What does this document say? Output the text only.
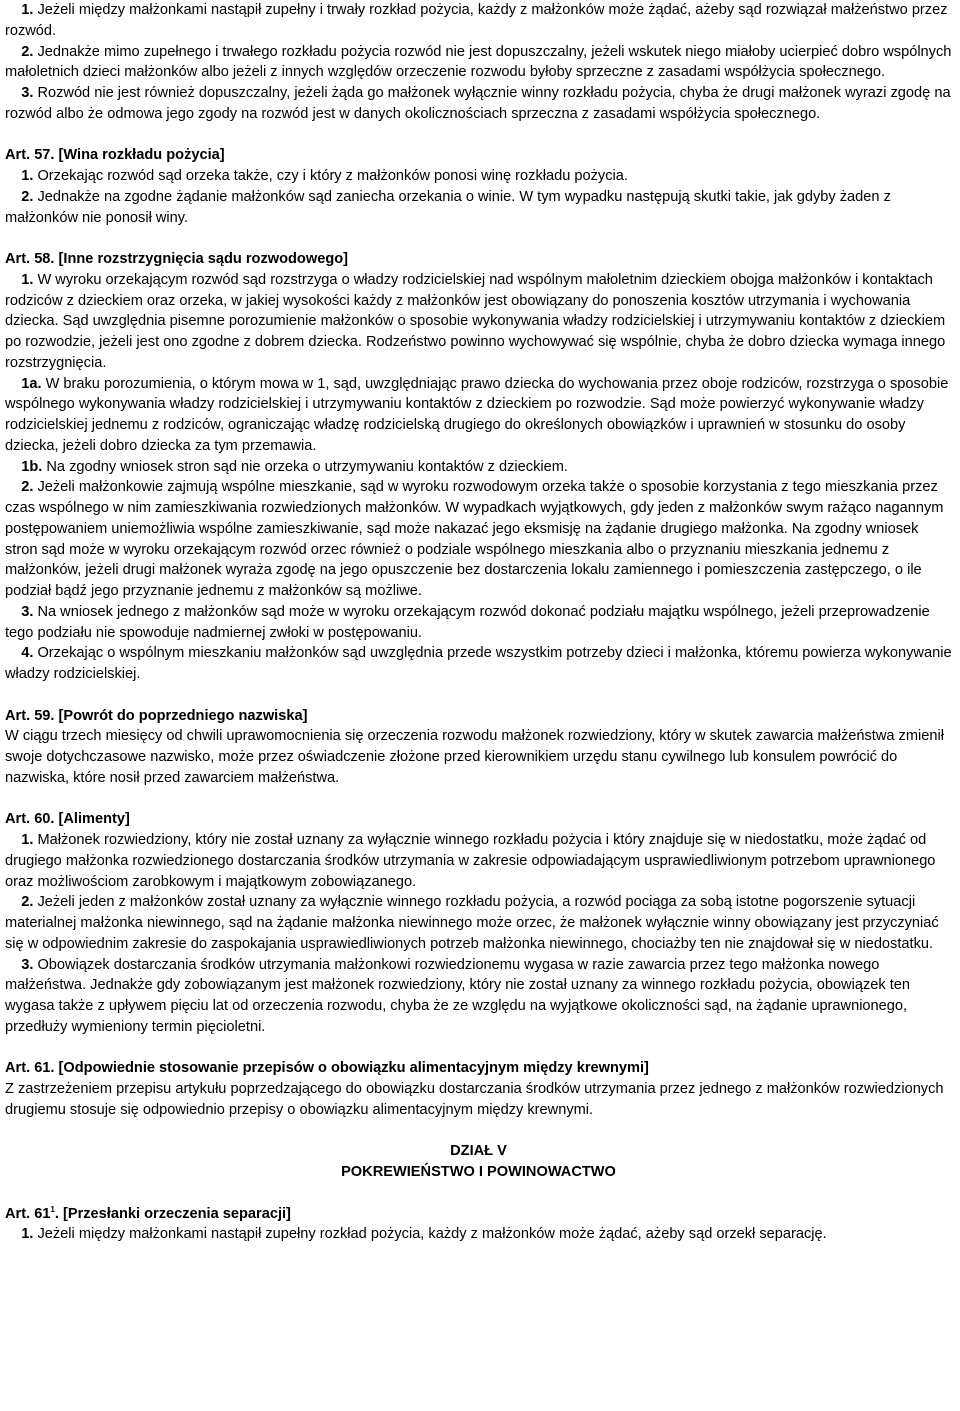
1. Jeżeli między małżonkami nastąpił zupełny i trwały rozkład pożycia, każdy z małżonków może żądać, ażeby sąd rozwiązał małżeństwo przez rozwód.

2. Jednakże mimo zupełnego i trwałego rozkładu pożycia rozwód nie jest dopuszczalny, jeżeli wskutek niego miałoby ucierpieć dobro wspólnych małoletnich dzieci małżonków albo jeżeli z innych względów orzeczenie rozwodu byłoby sprzeczne z zasadami współżycia społecznego.

3. Rozwód nie jest również dopuszczalny, jeżeli żąda go małżonek wyłącznie winny rozkładu pożycia, chyba że drugi małżonek wyrazi zgodę na rozwód albo że odmowa jego zgody na rozwód jest w danych okolicznościach sprzeczna z zasadami współżycia społecznego.

Art. 57. [Wina rozkładu pożycia]

1. Orzekając rozwód sąd orzeka także, czy i który z małżonków ponosi winę rozkładu pożycia.

2. Jednakże na zgodne żądanie małżonków sąd zaniecha orzekania o winie. W tym wypadku następują skutki takie, jak gdyby żaden z małżonków nie ponosił winy.

Art. 58. [Inne rozstrzygnięcia sądu rozwodowego]

1. W wyroku orzekającym rozwód sąd rozstrzyga o władzy rodzicielskiej nad wspólnym małoletnim dzieckiem obojga małżonków i kontaktach rodziców z dzieckiem oraz orzeka, w jakiej wysokości każdy z małżonków jest obowiązany do ponoszenia kosztów utrzymania i wychowania dziecka. Sąd uwzględnia pisemne porozumienie małżonków o sposobie wykonywania władzy rodzicielskiej i utrzymywaniu kontaktów z dzieckiem po rozwodzie, jeżeli jest ono zgodne z dobrem dziecka. Rodzeństwo powinno wychowywać się wspólnie, chyba że dobro dziecka wymaga innego rozstrzygnięcia.

1a. W braku porozumienia, o którym mowa w 1, sąd, uwzględniając prawo dziecka do wychowania przez oboje rodziców, rozstrzyga o sposobie wspólnego wykonywania władzy rodzicielskiej i utrzymywaniu kontaktów z dzieckiem po rozwodzie. Sąd może powierzyć wykonywanie władzy rodzicielskiej jednemu z rodziców, ograniczając władzę rodzicielską drugiego do określonych obowiązków i uprawnień w stosunku do osoby dziecka, jeżeli dobro dziecka za tym przemawia.

1b. Na zgodny wniosek stron sąd nie orzeka o utrzymywaniu kontaktów z dzieckiem.

2. Jeżeli małżonkowie zajmują wspólne mieszkanie, sąd w wyroku rozwodowym orzeka także o sposobie korzystania z tego mieszkania przez czas wspólnego w nim zamieszkiwania rozwiedzionych małżonków. W wypadkach wyjątkowych, gdy jeden z małżonków swym rażąco nagannym postępowaniem uniemożliwia wspólne zamieszkiwanie, sąd może nakazać jego eksmisję na żądanie drugiego małżonka. Na zgodny wniosek stron sąd może w wyroku orzekającym rozwód orzec również o podziale wspólnego mieszkania albo o przyznaniu mieszkania jednemu z małżonków, jeżeli drugi małżonek wyraża zgodę na jego opuszczenie bez dostarczenia lokalu zamiennego i pomieszczenia zastępczego, o ile podział bądź jego przyznanie jednemu z małżonków są możliwe.

3. Na wniosek jednego z małżonków sąd może w wyroku orzekającym rozwód dokonać podziału majątku wspólnego, jeżeli przeprowadzenie tego podziału nie spowoduje nadmiernej zwłoki w postępowaniu.

4. Orzekając o wspólnym mieszkaniu małżonków sąd uwzględnia przede wszystkim potrzeby dzieci i małżonka, któremu powierza wykonywanie władzy rodzicielskiej.

Art. 59. [Powrót do poprzedniego nazwiska]

W ciągu trzech miesięcy od chwili uprawomocnienia się orzeczenia rozwodu małżonek rozwiedziony, który w skutek zawarcia małżeństwa zmienił swoje dotychczasowe nazwisko, może przez oświadczenie złożone przed kierownikiem urzędu stanu cywilnego lub konsulem powrócić do nazwiska, które nosił przed zawarciem małżeństwa.

Art. 60. [Alimenty]

1. Małżonek rozwiedziony, który nie został uznany za wyłącznie winnego rozkładu pożycia i który znajduje się w niedostatku, może żądać od drugiego małżonka rozwiedzionego dostarczania środków utrzymania w zakresie odpowiadającym usprawiedliwionym potrzebom uprawnionego oraz możliwościom zarobkowym i majątkowym zobowiązanego.

2. Jeżeli jeden z małżonków został uznany za wyłącznie winnego rozkładu pożycia, a rozwód pociąga za sobą istotne pogorszenie sytuacji materialnej małżonka niewinnego, sąd na żądanie małżonka niewinnego może orzec, że małżonek wyłącznie winny obowiązany jest przyczyniać się w odpowiednim zakresie do zaspokajania usprawiedliwionych potrzeb małżonka niewinnego, chociażby ten nie znajdował się w niedostatku.

3. Obowiązek dostarczania środków utrzymania małżonkowi rozwiedzionemu wygasa w razie zawarcia przez tego małżonka nowego małżeństwa. Jednakże gdy zobowiązanym jest małżonek rozwiedziony, który nie został uznany za winnego rozkładu pożycia, obowiązek ten wygasa także z upływem pięciu lat od orzeczenia rozwodu, chyba że ze względu na wyjątkowe okoliczności sąd, na żądanie uprawnionego, przedłuży wymieniony termin pięcioletni.

Art. 61. [Odpowiednie stosowanie przepisów o obowiązku alimentacyjnym między krewnymi]

Z zastrzeżeniem przepisu artykułu poprzedzającego do obowiązku dostarczania środków utrzymania przez jednego z małżonków rozwiedzionych drugiemu stosuje się odpowiednio przepisy o obowiązku alimentacyjnym między krewnymi.

DZIAŁ V

POKREWIEŃSTWO I POWINOWACTWO

Art. $61^1$. [Przesłanki orzeczenia separacji]

1. Jeżeli między małżonkami nastąpił zupełny rozkład pożycia, każdy z małżonków może żądać, ażeby sąd orzekł separację.
